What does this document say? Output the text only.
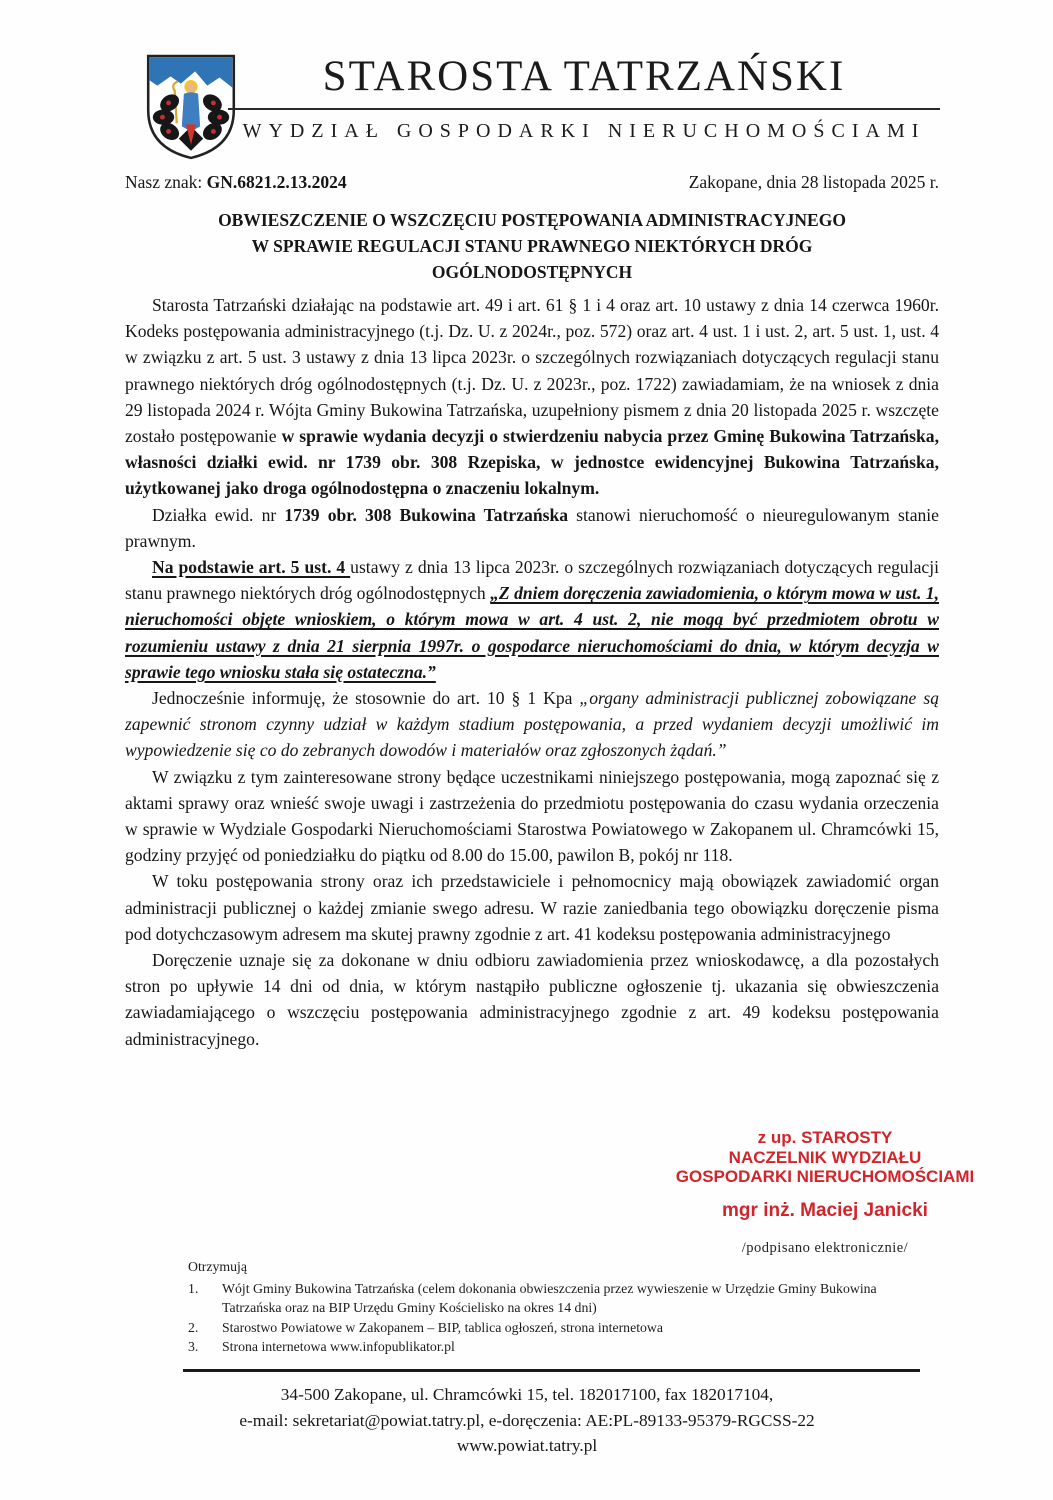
STAROSTA TATRZAŃSKI
WYDZIAŁ GOSPODARKI NIERUCHOMOŚCIAMI
Nasz znak: GN.6821.2.13.2024	Zakopane, dnia 28 listopada 2025 r.
OBWIESZCZENIE O WSZCZĘCIU POSTĘPOWANIA ADMINISTRACYJNEGO
W SPRAWIE REGULACJI STANU PRAWNEGO NIEKTÓRYCH DRÓG
OGÓLNODOSTĘPNYCH

Starosta Tatrzański działając na podstawie art. 49 i art. 61 § 1 i 4 oraz art. 10 ustawy z dnia 14 czerwca 1960r. Kodeks postępowania administracyjnego (t.j. Dz. U. z 2024r., poz. 572) oraz art. 4 ust. 1 i ust. 2, art. 5 ust. 1, ust. 4 w związku z art. 5 ust. 3 ustawy z dnia 13 lipca 2023r. o szczególnych rozwiązaniach dotyczących regulacji stanu prawnego niektórych dróg ogólnodostępnych (t.j. Dz. U. z 2023r., poz. 1722) zawiadamiam, że na wniosek z dnia 29 listopada 2024 r. Wójta Gminy Bukowina Tatrzańska, uzupełniony pismem z dnia 20 listopada 2025 r. wszczęte zostało postępowanie w sprawie wydania decyzji o stwierdzeniu nabycia przez Gminę Bukowina Tatrzańska, własności działki ewid. nr 1739 obr. 308 Rzepiska, w jednostce ewidencyjnej Bukowina Tatrzańska, użytkowanej jako droga ogólnodostępna o znaczeniu lokalnym.

Działka ewid. nr 1739 obr. 308 Bukowina Tatrzańska stanowi nieruchomość o nieuregulowanym stanie prawnym.

Na podstawie art. 5 ust. 4 ustawy z dnia 13 lipca 2023r. o szczególnych rozwiązaniach dotyczących regulacji stanu prawnego niektórych dróg ogólnodostępnych „Z dniem doręczenia zawiadomienia, o którym mowa w ust. 1, nieruchomości objęte wnioskiem, o którym mowa w art. 4 ust. 2, nie mogą być przedmiotem obrotu w rozumieniu ustawy z dnia 21 sierpnia 1997r. o gospodarce nieruchomościami do dnia, w którym decyzja w sprawie tego wniosku stała się ostateczna.”

Jednocześnie informuję, że stosownie do art. 10 § 1 Kpa „organy administracji publicznej zobowiązane są zapewnić stronom czynny udział w każdym stadium postępowania, a przed wydaniem decyzji umożliwić im wypowiedzenie się co do zebranych dowodów i materiałów oraz zgłoszonych żądań.”

W związku z tym zainteresowane strony będące uczestnikami niniejszego postępowania, mogą zapoznać się z aktami sprawy oraz wnieść swoje uwagi i zastrzeżenia do przedmiotu postępowania do czasu wydania orzeczenia w sprawie w Wydziale Gospodarki Nieruchomościami Starostwa Powiatowego w Zakopanem ul. Chramcówki 15, godziny przyjęć od poniedziałku do piątku od 8.00 do 15.00, pawilon B, pokój nr 118.

W toku postępowania strony oraz ich przedstawiciele i pełnomocnicy mają obowiązek zawiadomić organ administracji publicznej o każdej zmianie swego adresu. W razie zaniedbania tego obowiązku doręczenie pisma pod dotychczasowym adresem ma skutej prawny zgodnie z art. 41 kodeksu postępowania administracyjnego

Doręczenie uznaje się za dokonane w dniu odbioru zawiadomienia przez wnioskodawcę, a dla pozostałych stron po upływie 14 dni od dnia, w którym nastąpiło publiczne ogłoszenie tj. ukazania się obwieszczenia zawiadamiającego o wszczęciu postępowania administracyjnego zgodnie z art. 49 kodeksu postępowania administracyjnego.

z up. STAROSTY
NACZELNIK WYDZIAŁU
GOSPODARKI NIERUCHOMOŚCIAMI
mgr inż. Maciej Janicki
/podpisano elektronicznie/
Otrzymują
1.	Wójt Gminy Bukowina Tatrzańska (celem dokonania obwieszczenia przez wywieszenie w Urzędzie Gminy Bukowina Tatrzańska oraz na BIP Urzędu Gminy Kościelisko na okres 14 dni)
2.	Starostwo Powiatowe w Zakopanem – BIP, tablica ogłoszeń, strona internetowa
3.	Strona internetowa www.infopublikator.pl
34-500 Zakopane, ul. Chramcówki 15, tel. 182017100, fax 182017104,
e-mail: sekretariat@powiat.tatry.pl, e-doręczenia: AE:PL-89133-95379-RGCSS-22
www.powiat.tatry.pl
